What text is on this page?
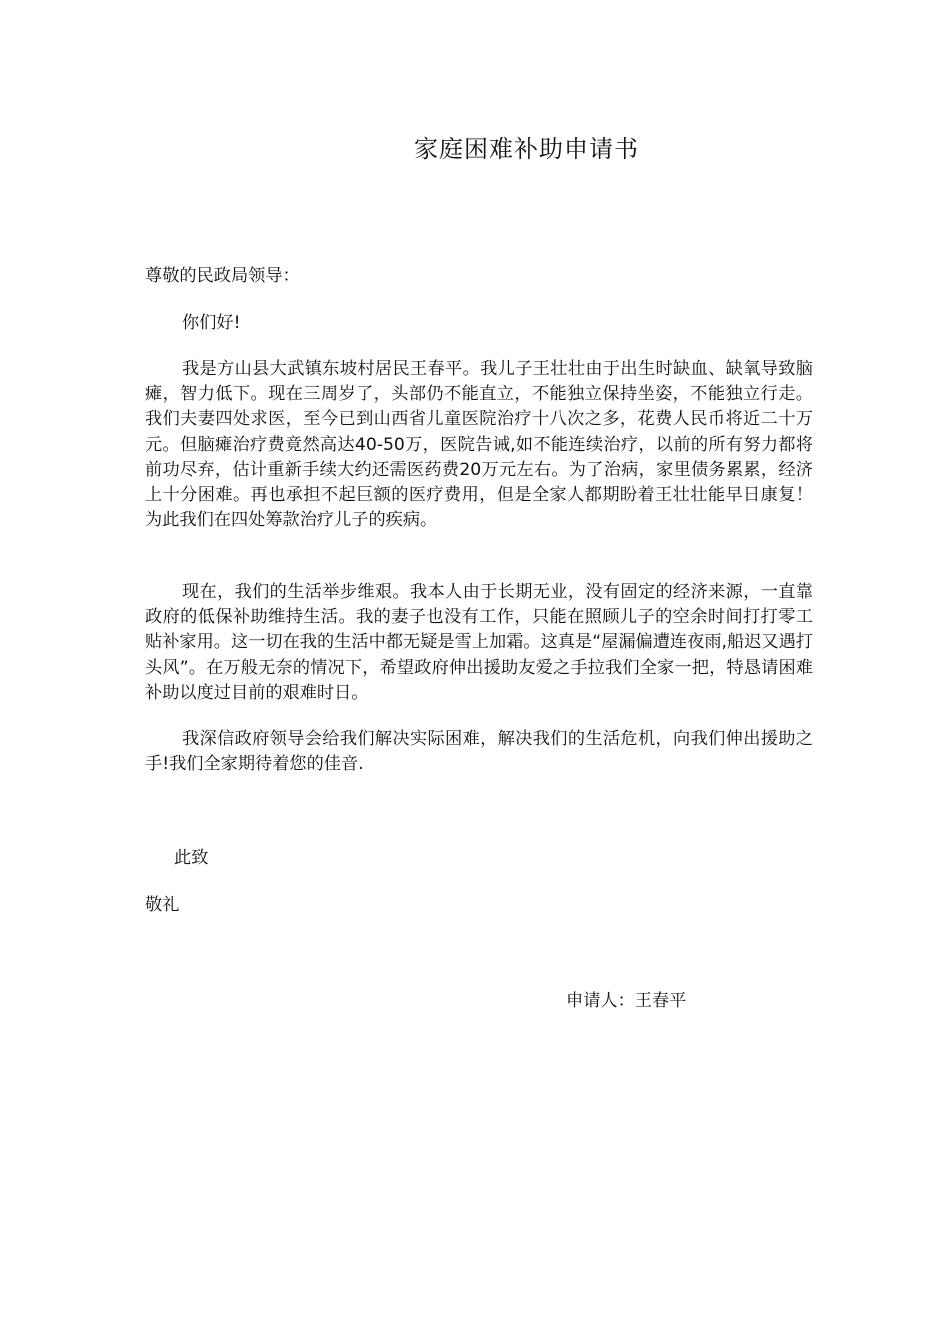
家庭困难补助申请书
尊敬的民政局领导：
你们好!
我是方山县大武镇东坡村居民王春平。我儿子王壮壮由于出生时缺血、缺氧导致脑瘫，智力低下。现在三周岁了，头部仍不能直立，不能独立保持坐姿，不能独立行走。我们夫妻四处求医，至今已到山西省儿童医院治疗十八次之多，花费人民币将近二十万元。但脑瘫治疗费竟然高达40-50万，医院告诫,如不能连续治疗，以前的所有努力都将前功尽弃，估计重新手续大约还需医药费20万元左右。为了治病，家里债务累累，经济上十分困难。再也承担不起巨额的医疗费用，但是全家人都期盼着王壮壮能早日康复！为此我们在四处筹款治疗儿子的疾病。
现在，我们的生活举步维艰。我本人由于长期无业，没有固定的经济来源，一直靠政府的低保补助维持生活。我的妻子也没有工作，只能在照顾儿子的空余时间打打零工贴补家用。这一切在我的生活中都无疑是雪上加霜。这真是“屋漏偏遭连夜雨,船迟又遇打头风”。在万般无奈的情况下，希望政府伸出援助友爱之手拉我们全家一把，特恳请困难补助以度过目前的艰难时日。
我深信政府领导会给我们解决实际困难，解决我们的生活危机，向我们伸出援助之手!我们全家期待着您的佳音.
此致
敬礼
申请人：王春平
